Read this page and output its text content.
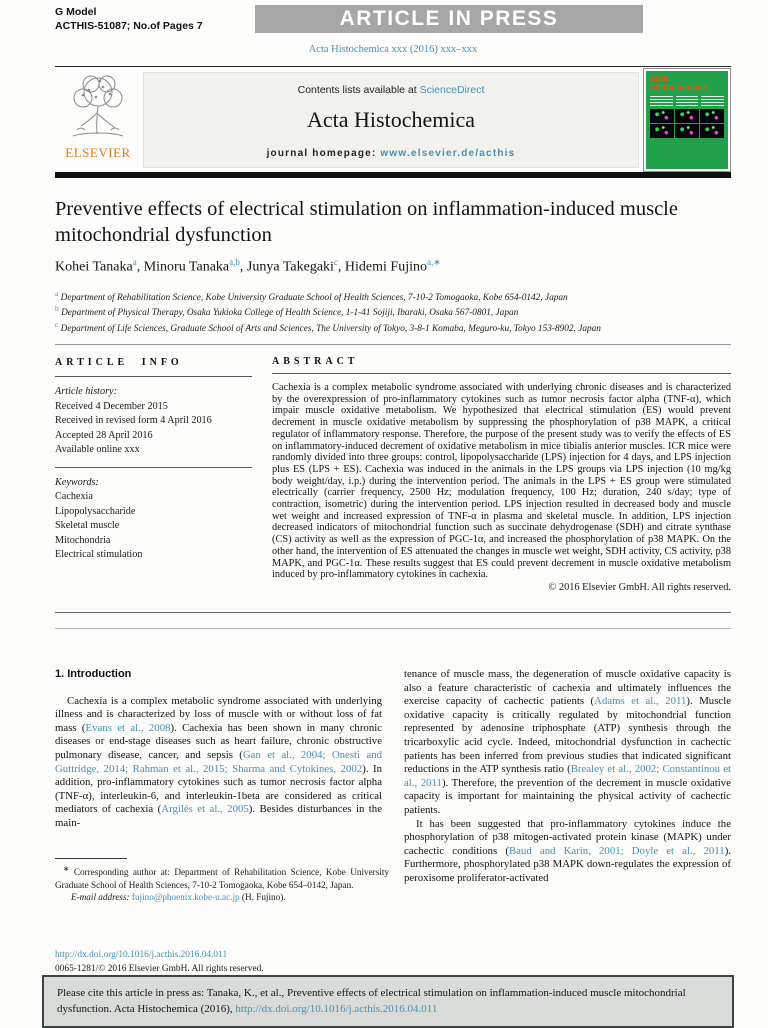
G Model
ACTHIS-51087; No.of Pages 7	ARTICLE IN PRESS
Acta Histochemica xxx (2016) xxx–xxx
ELSEVIER
Contents lists available at ScienceDirect
Acta Histochemica
journal homepage: www.elsevier.de/acthis
acta histochemica
Preventive effects of electrical stimulation on inflammation-induced muscle mitochondrial dysfunction
Kohei Tanaka$^a$, Minoru Tanaka$^{a,b}$, Junya Takegaki$^c$, Hidemi Fujino$^{a,∗}$
$^a$ Department of Rehabilitation Science, Kobe University Graduate School of Health Sciences, 7-10-2 Tomogaoka, Kobe 654-0142, Japan
$^b$ Department of Physical Therapy, Osaka Yukioka College of Health Science, 1-1-41 Sojiji, Ibaraki, Osaka 567-0801, Japan
$^c$ Department of Life Sciences, Graduate School of Arts and Sciences, The University of Tokyo, 3-8-1 Komaba, Meguro-ku, Tokyo 153-8902, Japan
ARTICLE INFO
Article history:
Received 4 December 2015
Received in revised form 4 April 2016
Accepted 28 April 2016
Available online xxx
Keywords:
Cachexia
Lipopolysaccharide
Skeletal muscle
Mitochondria
Electrical stimulation
ABSTRACT
Cachexia is a complex metabolic syndrome associated with underlying chronic diseases and is characterized by the overexpression of pro-inflammatory cytokines such as tumor necrosis factor alpha (TNF-α), which impair muscle oxidative metabolism. We hypothesized that electrical stimulation (ES) would prevent decrement in muscle oxidative metabolism by suppressing the phosphorylation of p38 MAPK, a critical regulator of inflammatory response. Therefore, the purpose of the present study was to verify the effects of ES on inflammatory-induced decrement of oxidative metabolism in mice tibialis anterior muscles. ICR mice were randomly divided into three groups: control, lipopolysaccharide (LPS) injection for 4 days, and LPS injection plus ES (LPS + ES). Cachexia was induced in the animals in the LPS groups via LPS injection (10 mg/kg body weight/day, i.p.) during the intervention period. The animals in the LPS + ES group were stimulated electrically (carrier frequency, 2500 Hz; modulation frequency, 100 Hz; duration, 240 s/day; type of contraction, isometric) during the intervention period. LPS injection resulted in decreased body and muscle wet weight and increased expression of TNF-α in plasma and skeletal muscle. In addition, LPS injection decreased indicators of mitochondrial function such as succinate dehydrogenase (SDH) and citrate synthase (CS) activity as well as the expression of PGC-1α, and increased the phosphorylation of p38 MAPK. On the other hand, the intervention of ES attenuated the changes in muscle wet weight, SDH activity, CS activity, p38 MAPK, and PGC-1α. These results suggest that ES could prevent decrement in muscle oxidative metabolism induced by pro-inflammatory cytokines in cachexia.
© 2016 Elsevier GmbH. All rights reserved.
1. Introduction

Cachexia is a complex metabolic syndrome associated with underlying illness and is characterized by loss of muscle with or without loss of fat mass (Evans et al., 2008). Cachexia has been shown in many chronic diseases or end-stage diseases such as heart failure, chronic obstructive pulmonary disease, cancer, and sepsis (Gan et al., 2004; Onesti and Guttridge, 2014; Rahman et al., 2015; Sharma and Cytokines, 2002). In addition, pro-inflammatory cytokines such as tumor necrosis factor alpha (TNF-α), interleukin-6, and interleukin-1beta are considered as critical mediators of cachexia (Argilés et al., 2005). Besides disturbances in the main-

tenance of muscle mass, the degeneration of muscle oxidative capacity is also a feature characteristic of cachexia and ultimately influences the exercise capacity of cachectic patients (Adams et al., 2011). Muscle oxidative capacity is critically regulated by mitochondrial function represented by adenosine triphosphate (ATP) synthesis through the tricarboxylic acid cycle. Indeed, mitochondrial dysfunction in cachectic patients has been inferred from previous studies that indicated significant reductions in the ATP synthesis ratio (Brealey et al., 2002; Constantinou et al., 2011). Therefore, the prevention of the decrement in muscle oxidative capacity is important for maintaining the physical activity of cachectic patients.

It has been suggested that pro-inflammatory cytokines induce the phosphorylation of p38 mitogen-activated protein kinase (MAPK) under cachectic conditions (Baud and Karin, 2001; Doyle et al., 2011). Furthermore, phosphorylated p38 MAPK down-regulates the expression of peroxisome proliferator-activated

∗ Corresponding author at: Department of Rehabilitation Science, Kobe University Graduate School of Health Sciences, 7-10-2 Tomogaoka, Kobe 654–0142, Japan.
E-mail address: fujino@phoenix.kobe-u.ac.jp (H. Fujino).
http://dx.doi.org/10.1016/j.acthis.2016.04.011
0065-1281/© 2016 Elsevier GmbH. All rights reserved.
Please cite this article in press as: Tanaka, K., et al., Preventive effects of electrical stimulation on inflammation-induced muscle mitochondrial dysfunction. Acta Histochemica (2016), http://dx.doi.org/10.1016/j.acthis.2016.04.011
